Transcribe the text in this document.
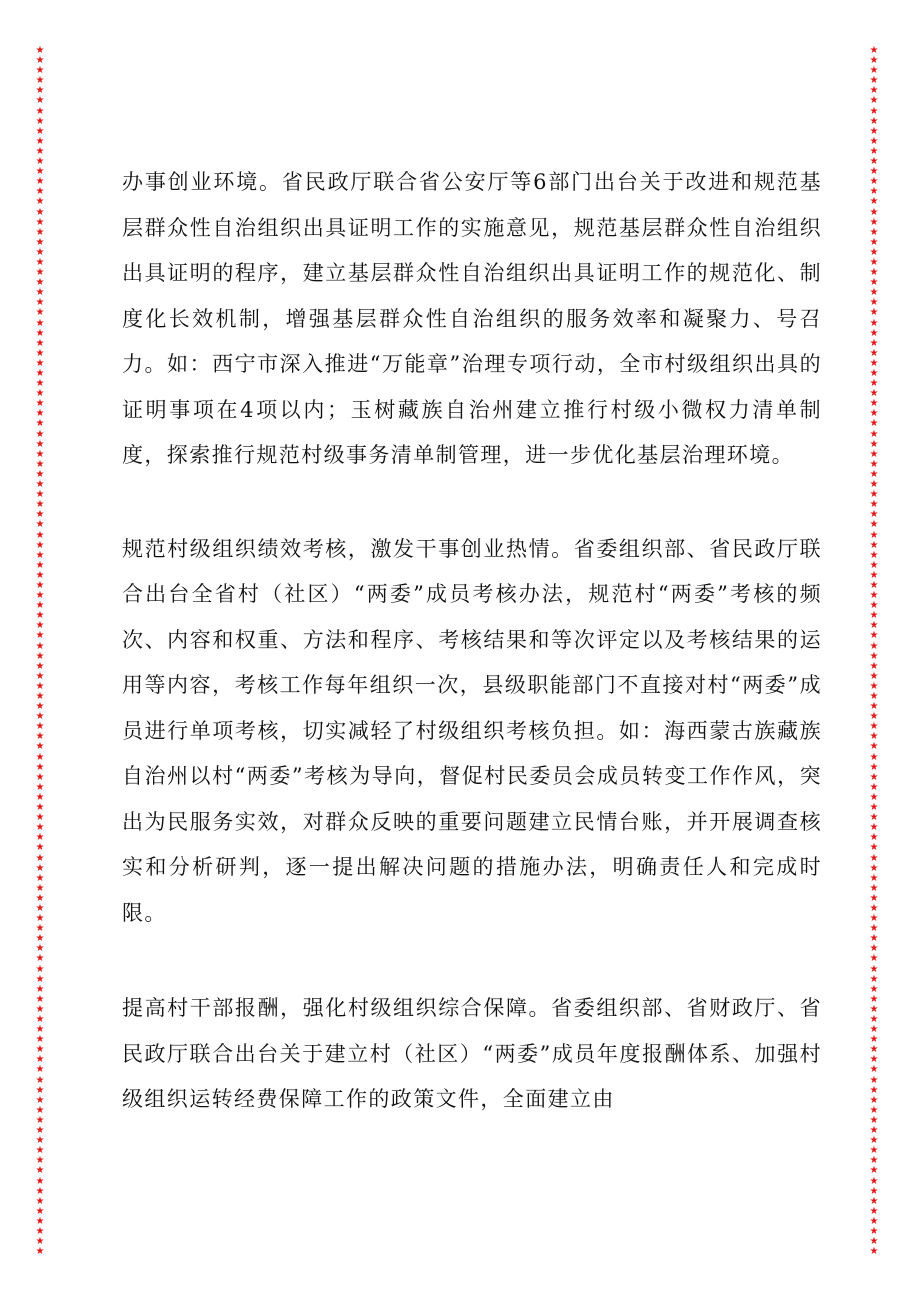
★
★
★
★
★
★
★
★
★
★
★
★
★
★
★
★
★
★
★
★
★
★
★
★
★
★
★
★
★
★
★
★
★
★
★
★
★
★
★
★
★
★
★
★
★
★
★
★
★
★
★
★
★
★
★
★
★
★
★
★
★
★
★
★
★
★
★
★
★
★
★
★
★
★
★
★
★
★
★
★
★
★
★
★
★
★
★
★
★
★
★
★
★
★
★
★
★
★
★
★
★
★
★
★
★
★
★
★
★
★
★
★
★
★
★
★
★
★
★
★
★
★
★
★
★
★
★
★
★
★
★
★
★
★
★
★
★
★
★
★
★
★
★
★
★
★
★
★
★
★
★
★
★
★
★
★
★
★
★
★
★
★
★
★
★
★
★
★
★
★
★
★
★
★
★
★
★
★
★
★
★
★
★
★
★
★
★
★
★
★
★
★
★
★
★
★
★
★
★
★
★
★
★
★
★
★
★
★
★
★
★
★
★
★
★
★
★
★
★
★
★
★
★
★
★
★
★
★
★
★
★
★
★
★
★
★
★
★
★
★

办事创业环境。省民政厅联合省公安厅等6部门出台关于改进和规范基层群众性自治组织出具证明工作的实施意见，规范基层群众性自治组织出具证明的程序，建立基层群众性自治组织出具证明工作的规范化、制度化长效机制，增强基层群众性自治组织的服务效率和凝聚力、号召力。如：西宁市深入推进“万能章”治理专项行动，全市村级组织出具的证明事项在4项以内；玉树藏族自治州建立推行村级小微权力清单制度，探索推行规范村级事务清单制管理，进一步优化基层治理环境。

规范村级组织绩效考核，激发干事创业热情。省委组织部、省民政厅联合出台全省村（社区）“两委”成员考核办法，规范村“两委”考核的频次、内容和权重、方法和程序、考核结果和等次评定以及考核结果的运用等内容，考核工作每年组织一次，县级职能部门不直接对村“两委”成员进行单项考核，切实减轻了村级组织考核负担。如：海西蒙古族藏族自治州以村“两委”考核为导向，督促村民委员会成员转变工作作风，突出为民服务实效，对群众反映的重要问题建立民情台账，并开展调查核实和分析研判，逐一提出解决问题的措施办法，明确责任人和完成时限。

提高村干部报酬，强化村级组织综合保障。省委组织部、省财政厅、省民政厅联合出台关于建立村（社区）“两委”成员年度报酬体系、加强村级组织运转经费保障工作的政策文件，全面建立由
